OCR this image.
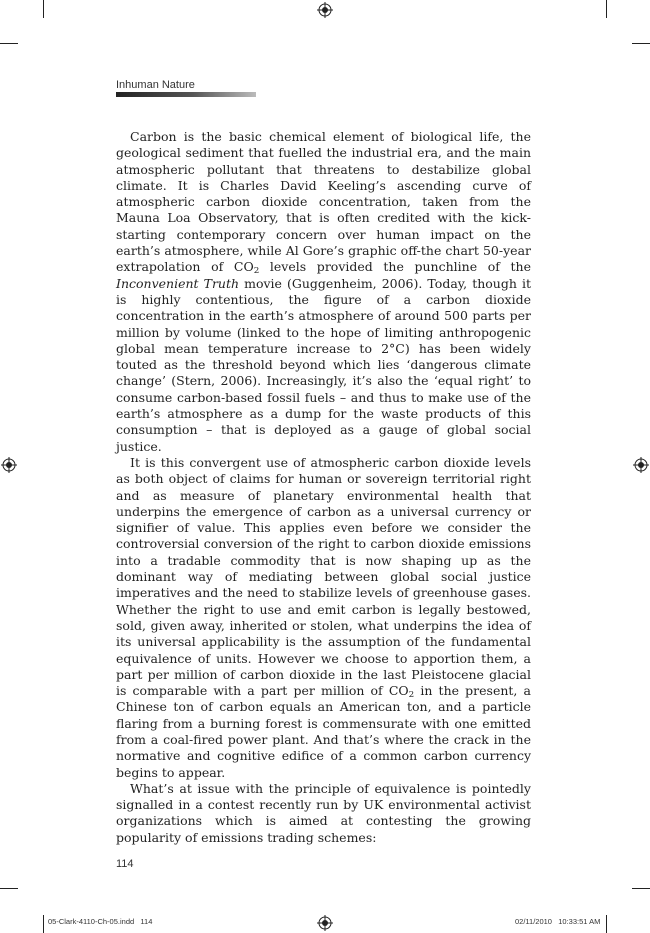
Inhuman Nature

Carbon is the basic chemical element of biological life, the geological sediment that fuelled the industrial era, and the main atmospheric pollutant that threatens to destabilize global climate. It is Charles David Keeling’s ascending curve of atmospheric carbon dioxide concentration, taken from the Mauna Loa Observatory, that is often credited with the kick-starting contemporary concern over human impact on the earth’s atmosphere, while Al Gore’s graphic off-the chart 50-year extrapolation of $CO_2$ levels provided the punchline of the Inconvenient Truth movie (Guggenheim, 2006). Today, though it is highly contentious, the figure of a carbon dioxide concentration in the earth’s atmosphere of around 500 parts per million by volume (linked to the hope of limiting anthropogenic global mean temperature increase to 2°C) has been widely touted as the threshold beyond which lies ‘dangerous climate change’ (Stern, 2006). Increasingly, it’s also the ‘equal right’ to consume carbon-based fossil fuels – and thus to make use of the earth’s atmosphere as a dump for the waste products of this consumption – that is deployed as a gauge of global social justice.

It is this convergent use of atmospheric carbon dioxide levels as both object of claims for human or sovereign territorial right and as measure of planetary environmental health that underpins the emergence of carbon as a universal currency or signifier of value. This applies even before we consider the controversial conversion of the right to carbon dioxide emissions into a tradable commodity that is now shaping up as the dominant way of mediating between global social justice imperatives and the need to stabilize levels of greenhouse gases. Whether the right to use and emit carbon is legally bestowed, sold, given away, inherited or stolen, what underpins the idea of its universal applicability is the assumption of the fundamental equivalence of units. However we choose to apportion them, a part per million of carbon dioxide in the last Pleistocene glacial is comparable with a part per million of $CO_2$ in the present, a Chinese ton of carbon equals an American ton, and a particle flaring from a burning forest is commensurate with one emitted from a coal-fired power plant. And that’s where the crack in the normative and cognitive edifice of a common carbon currency begins to appear.

What’s at issue with the principle of equivalence is pointedly signalled in a contest recently run by UK environmental activist organizations which is aimed at contesting the growing popularity of emissions trading schemes:

114
05-Clark-4110-Ch-05.indd   114	02/11/2010   10:33:51 AM
